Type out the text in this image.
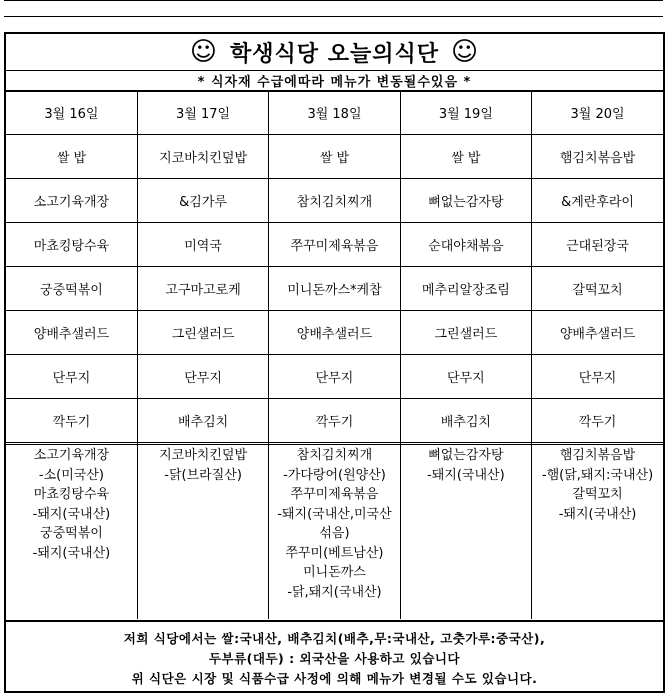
☺ 학생식당 오늘의식단 ☺
* 식자재 수급에따라 메뉴가 변동될수있음 *
3월 16일	3월 17일	3월 18일	3월 19일	3월 20일
쌀 밥	지코바치킨덮밥	쌀 밥	쌀 밥	햄김치볶음밥
소고기육개장	&김가루	참치김치찌개	뼈없는감자탕	&계란후라이
마쵸킹탕수육	미역국	쭈꾸미제육볶음	순대야채볶음	근대된장국
궁중떡볶이	고구마고로케	미니돈까스*케찹	메추리알장조림	갈떡꼬치
양배추샐러드	그린샐러드	양배추샐러드	그린샐러드	양배추샐러드
단무지	단무지	단무지	단무지	단무지
깍두기	배추김치	깍두기	배추김치	깍두기
소고기육개장
-소(미국산)
마쵸킹탕수육
-돼지(국내산)
궁중떡볶이
-돼지(국내산)

지코바치킨덮밥
-닭(브라질산)

참치김치찌개
-가다랑어(원양산)
쭈꾸미제육볶음
-돼지(국내산,미국산
섞음)
쭈꾸미(베트남산)
미니돈까스
-닭,돼지(국내산)

뼈없는감자탕
-돼지(국내산)

햄김치볶음밥
-햄(닭,돼지:국내산)
갈떡꼬치
-돼지(국내산)
저희 식당에서는 쌀:국내산, 배추김치(배추,무:국내산, 고춧가루:중국산),
두부류(대두) : 외국산을 사용하고 있습니다
위 식단은 시장 및 식품수급 사정에 의해 메뉴가 변경될 수도 있습니다.
